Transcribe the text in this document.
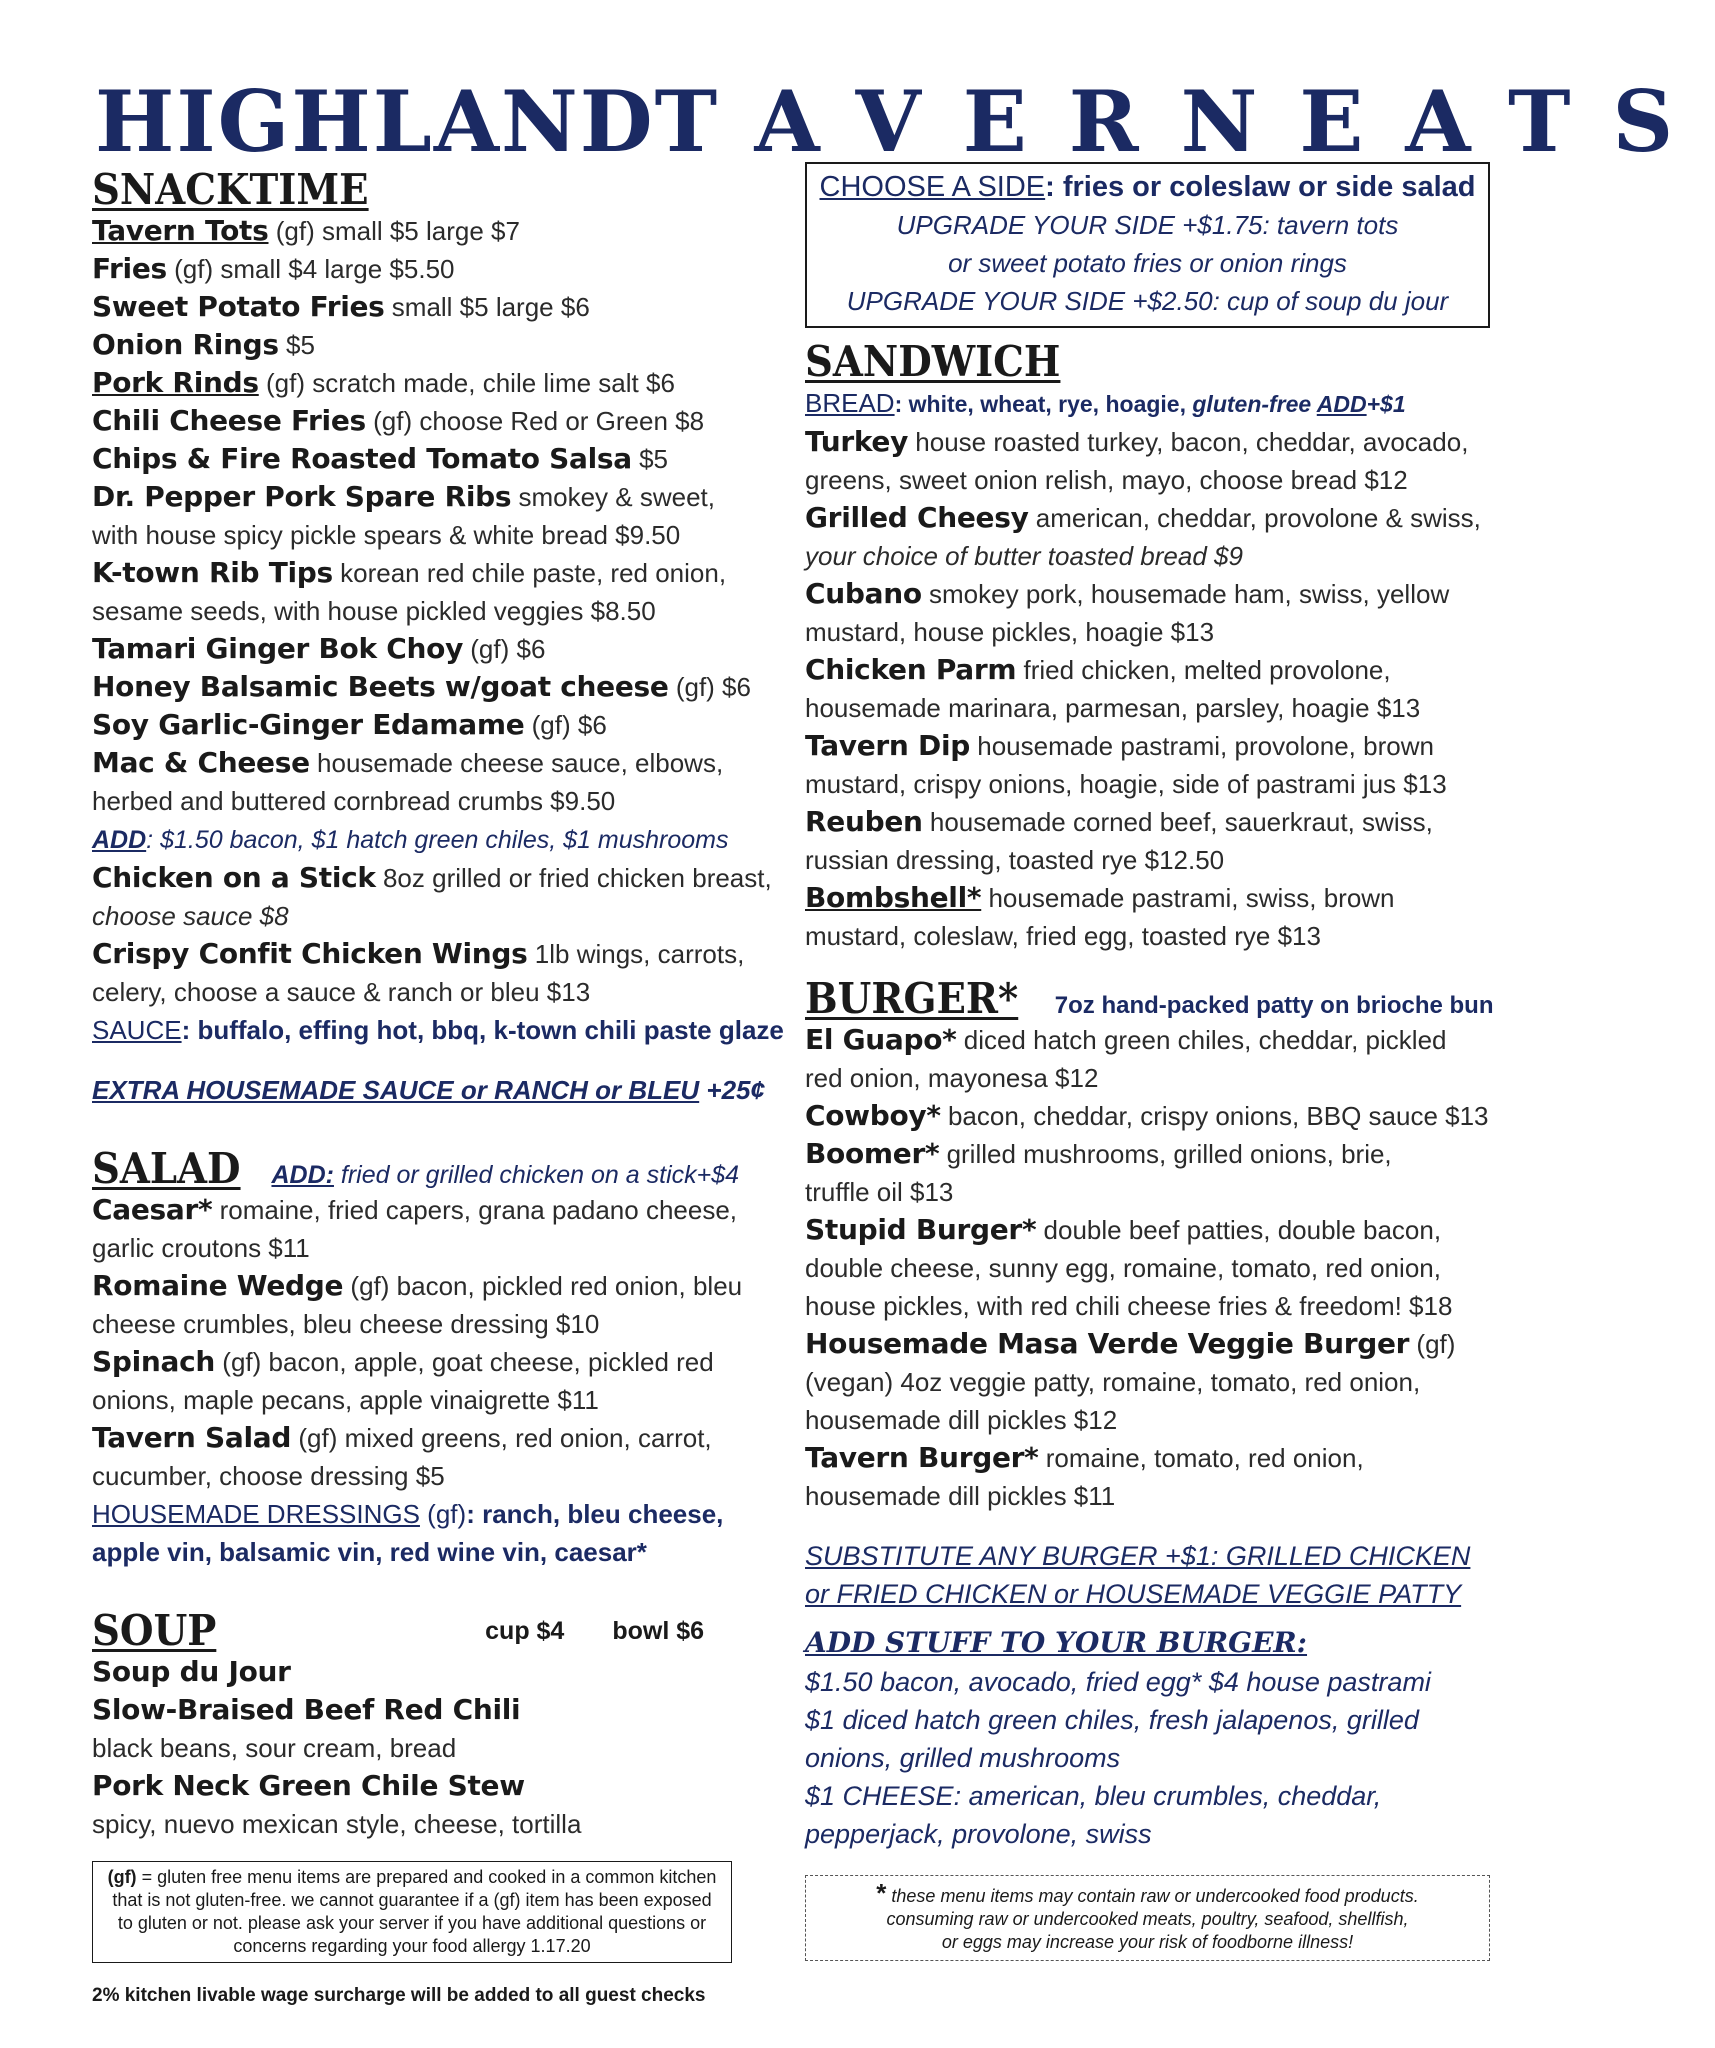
HIGHLAND TAVERN EATS
SNACKTIME
Tavern Tots (gf) small $5 large $7
Fries (gf) small $4 large $5.50
Sweet Potato Fries small $5 large $6
Onion Rings $5
Pork Rinds (gf) scratch made, chile lime salt $6
Chili Cheese Fries (gf) choose Red or Green $8
Chips & Fire Roasted Tomato Salsa $5
Dr. Pepper Pork Spare Ribs smokey & sweet,
with house spicy pickle spears & white bread $9.50
K-town Rib Tips korean red chile paste, red onion,
sesame seeds, with house pickled veggies $8.50
Tamari Ginger Bok Choy (gf) $6
Honey Balsamic Beets w/goat cheese (gf) $6
Soy Garlic-Ginger Edamame (gf) $6
Mac & Cheese housemade cheese sauce, elbows,
herbed and buttered cornbread crumbs $9.50
ADD: $1.50 bacon, $1 hatch green chiles, $1 mushrooms
Chicken on a Stick 8oz grilled or fried chicken breast,
choose sauce $8
Crispy Confit Chicken Wings 1lb wings, carrots,
celery, choose a sauce & ranch or bleu $13
SAUCE: buffalo, effing hot, bbq, k-town chili paste glaze
EXTRA HOUSEMADE SAUCE or RANCH or BLEU +25¢
SALAD ADD: fried or grilled chicken on a stick+$4
Caesar* romaine, fried capers, grana padano cheese,
garlic croutons $11
Romaine Wedge (gf) bacon, pickled red onion, bleu
cheese crumbles, bleu cheese dressing $10
Spinach (gf) bacon, apple, goat cheese, pickled red
onions, maple pecans, apple vinaigrette $11
Tavern Salad (gf) mixed greens, red onion, carrot,
cucumber, choose dressing $5
HOUSEMADE DRESSINGS (gf): ranch, bleu cheese,
apple vin, balsamic vin, red wine vin, caesar*
SOUP	cup $4 bowl $6
Soup du Jour
Slow-Braised Beef Red Chili
black beans, sour cream, bread
Pork Neck Green Chile Stew
spicy, nuevo mexican style, cheese, tortilla
(gf) = gluten free menu items are prepared and cooked in a common kitchen that is not gluten-free. we cannot guarantee if a (gf) item has been exposed to gluten or not. please ask your server if you have additional questions or concerns regarding your food allergy 1.17.20
2% kitchen livable wage surcharge will be added to all guest checks
CHOOSE A SIDE: fries or coleslaw or side salad
UPGRADE YOUR SIDE +$1.75: tavern tots
or sweet potato fries or onion rings
UPGRADE YOUR SIDE +$2.50: cup of soup du jour
SANDWICH
BREAD: white, wheat, rye, hoagie, gluten-free ADD+$1
Turkey house roasted turkey, bacon, cheddar, avocado,
greens, sweet onion relish, mayo, choose bread $12
Grilled Cheesy american, cheddar, provolone & swiss,
your choice of butter toasted bread $9
Cubano smokey pork, housemade ham, swiss, yellow
mustard, house pickles, hoagie $13
Chicken Parm fried chicken, melted provolone,
housemade marinara, parmesan, parsley, hoagie $13
Tavern Dip housemade pastrami, provolone, brown
mustard, crispy onions, hoagie, side of pastrami jus $13
Reuben housemade corned beef, sauerkraut, swiss,
russian dressing, toasted rye $12.50
Bombshell* housemade pastrami, swiss, brown
mustard, coleslaw, fried egg, toasted rye $13
BURGER* 7oz hand-packed patty on brioche bun
El Guapo* diced hatch green chiles, cheddar, pickled
red onion, mayonesa $12
Cowboy* bacon, cheddar, crispy onions, BBQ sauce $13
Boomer* grilled mushrooms, grilled onions, brie,
truffle oil $13
Stupid Burger* double beef patties, double bacon,
double cheese, sunny egg, romaine, tomato, red onion,
house pickles, with red chili cheese fries & freedom! $18
Housemade Masa Verde Veggie Burger (gf)
(vegan) 4oz veggie patty, romaine, tomato, red onion,
housemade dill pickles $12
Tavern Burger* romaine, tomato, red onion,
housemade dill pickles $11
SUBSTITUTE ANY BURGER +$1: GRILLED CHICKEN
or FRIED CHICKEN or HOUSEMADE VEGGIE PATTY
ADD STUFF TO YOUR BURGER:
$1.50 bacon, avocado, fried egg* $4 house pastrami
$1 diced hatch green chiles, fresh jalapenos, grilled
onions, grilled mushrooms
$1 CHEESE: american, bleu crumbles, cheddar,
pepperjack, provolone, swiss
* these menu items may contain raw or undercooked food products.
consuming raw or undercooked meats, poultry, seafood, shellfish,
or eggs may increase your risk of foodborne illness!
